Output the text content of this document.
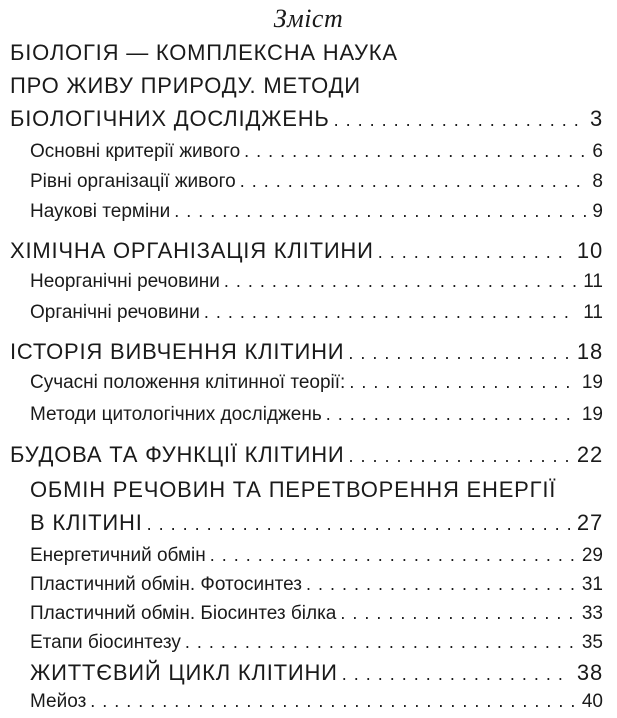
Зміст
БІОЛОГІЯ — КОМПЛЕКСНА НАУКА
ПРО ЖИВУ ПРИРОДУ. МЕТОДИ
БІОЛОГІЧНИХ ДОСЛІДЖЕНЬ . . .	3
Основні критерії живого . . .	6
Рівні організації живого . . .	8
Наукові терміни . . .	9
ХІМІЧНА ОРГАНІЗАЦІЯ КЛІТИНИ . . .	10
Неорганічні речовини . . .	11
Органічні речовини . . .	11
ІСТОРІЯ ВИВЧЕННЯ КЛІТИНИ . . .	18
Сучасні положення клітинної теорії: . . .	19
Методи цитологічних досліджень . . .	19
БУДОВА ТА ФУНКЦІЇ КЛІТИНИ . . .	22
ОБМІН РЕЧОВИН ТА ПЕРЕТВОРЕННЯ ЕНЕРГІЇ
В КЛІТИНІ . . .	27
Енергетичний обмін . . .	29
Пластичний обмін. Фотосинтез . . .	31
Пластичний обмін. Біосинтез білка . . .	33
Етапи біосинтезу . . .	35
ЖИТТЄВИЙ ЦИКЛ КЛІТИНИ . . .	38
Мейоз . . .	40
